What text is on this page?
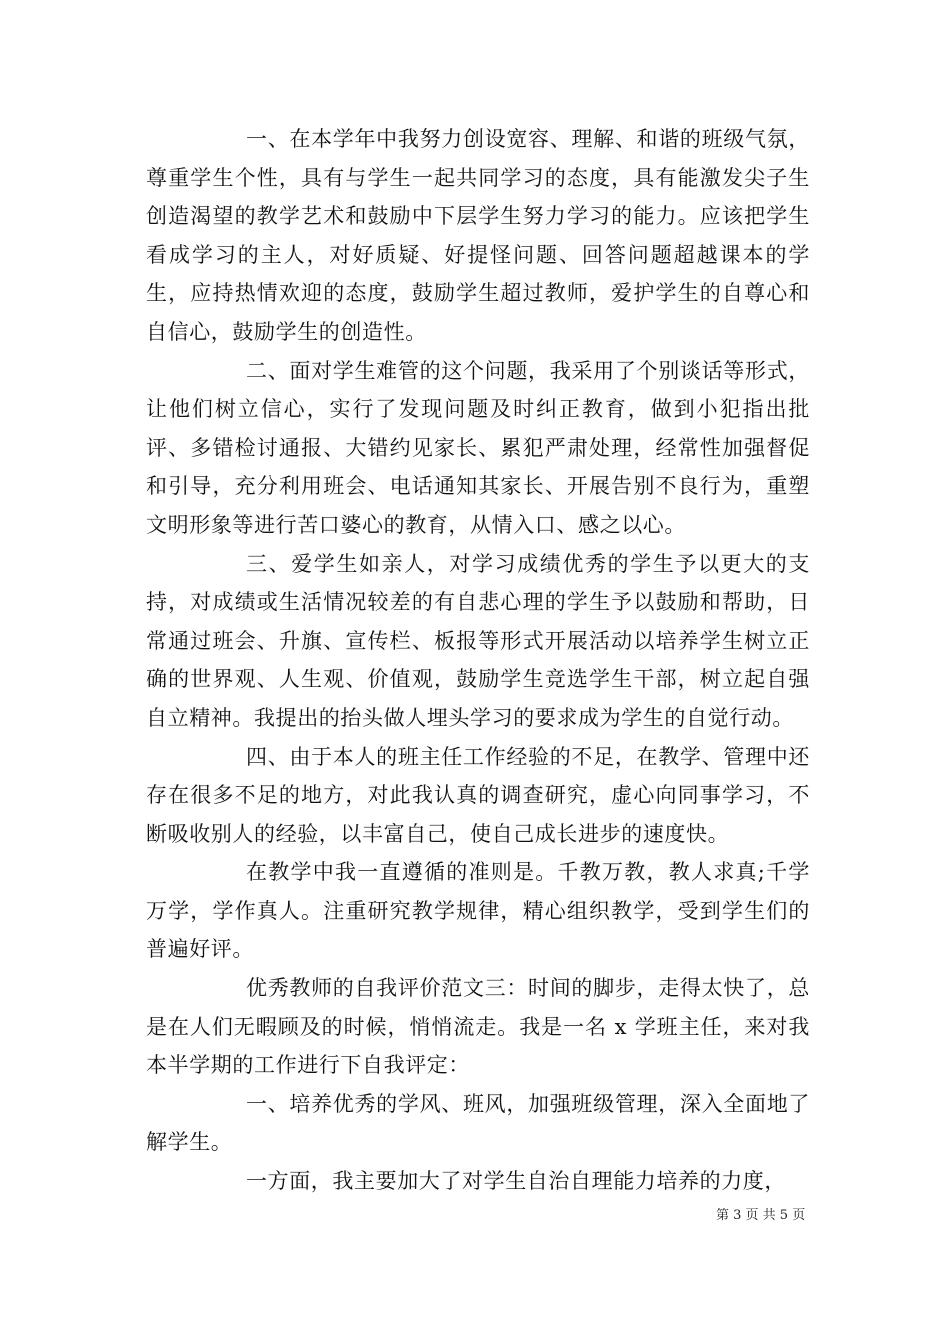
一、在本学年中我努力创设宽容、理解、和谐的班级气氛，尊重学生个性，具有与学生一起共同学习的态度，具有能激发尖子生创造渴望的教学艺术和鼓励中下层学生努力学习的能力。应该把学生看成学习的主人，对好质疑、好提怪问题、回答问题超越课本的学生，应持热情欢迎的态度，鼓励学生超过教师，爱护学生的自尊心和自信心，鼓励学生的创造性。

二、面对学生难管的这个问题，我采用了个别谈话等形式，让他们树立信心，实行了发现问题及时纠正教育，做到小犯指出批评、多错检讨通报、大错约见家长、累犯严肃处理，经常性加强督促和引导，充分利用班会、电话通知其家长、开展告别不良行为，重塑文明形象等进行苦口婆心的教育，从情入口、感之以心。

三、爱学生如亲人，对学习成绩优秀的学生予以更大的支持，对成绩或生活情况较差的有自悲心理的学生予以鼓励和帮助，日常通过班会、升旗、宣传栏、板报等形式开展活动以培养学生树立正确的世界观、人生观、价值观，鼓励学生竞选学生干部，树立起自强自立精神。我提出的抬头做人埋头学习的要求成为学生的自觉行动。

四、由于本人的班主任工作经验的不足，在教学、管理中还存在很多不足的地方，对此我认真的调查研究，虚心向同事学习，不断吸收别人的经验，以丰富自己，使自己成长进步的速度快。

在教学中我一直遵循的准则是。千教万教，教人求真;千学万学，学作真人。注重研究教学规律，精心组织教学，受到学生们的普遍好评。

优秀教师的自我评价范文三：时间的脚步，走得太快了，总是在人们无暇顾及的时候，悄悄流走。我是一名 x 学班主任，来对我本半学期的工作进行下自我评定：

一、培养优秀的学风、班风，加强班级管理，深入全面地了解学生。

一方面，我主要加大了对学生自治自理能力培养的力度，

第 3 页 共 5 页
